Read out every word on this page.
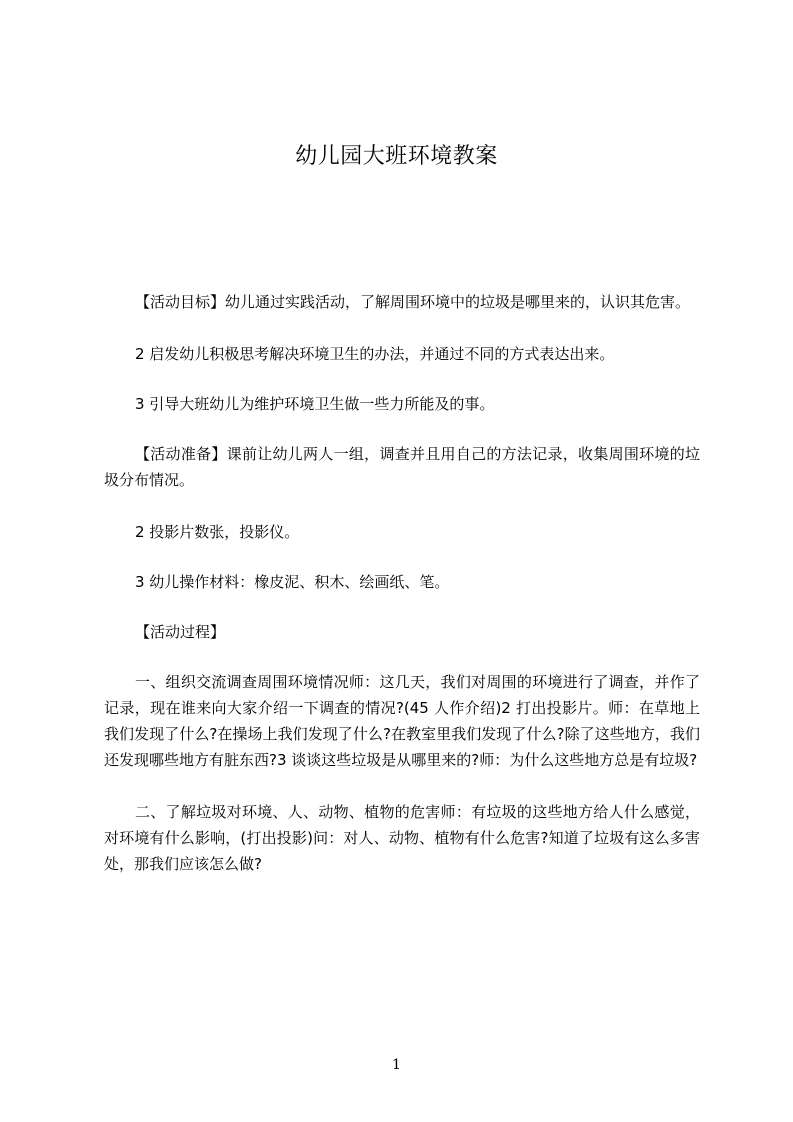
幼儿园大班环境教案

【活动目标】幼儿通过实践活动，了解周围环境中的垃圾是哪里来的，认识其危害。

2 启发幼儿积极思考解决环境卫生的办法，并通过不同的方式表达出来。

3 引导大班幼儿为维护环境卫生做一些力所能及的事。

【活动准备】课前让幼儿两人一组，调查并且用自己的方法记录，收集周围环境的垃圾分布情况。

2 投影片数张，投影仪。

3 幼儿操作材料：橡皮泥、积木、绘画纸、笔。

【活动过程】

一、组织交流调查周围环境情况师：这几天，我们对周围的环境进行了调查，并作了记录，现在谁来向大家介绍一下调查的情况?(45 人作介绍)2 打出投影片。师：在草地上我们发现了什么?在操场上我们发现了什么?在教室里我们发现了什么?除了这些地方，我们还发现哪些地方有脏东西?3 谈谈这些垃圾是从哪里来的?师：为什么这些地方总是有垃圾?

二、了解垃圾对环境、人、动物、植物的危害师：有垃圾的这些地方给人什么感觉，对环境有什么影响，(打出投影)问：对人、动物、植物有什么危害?知道了垃圾有这么多害处，那我们应该怎么做?

1
